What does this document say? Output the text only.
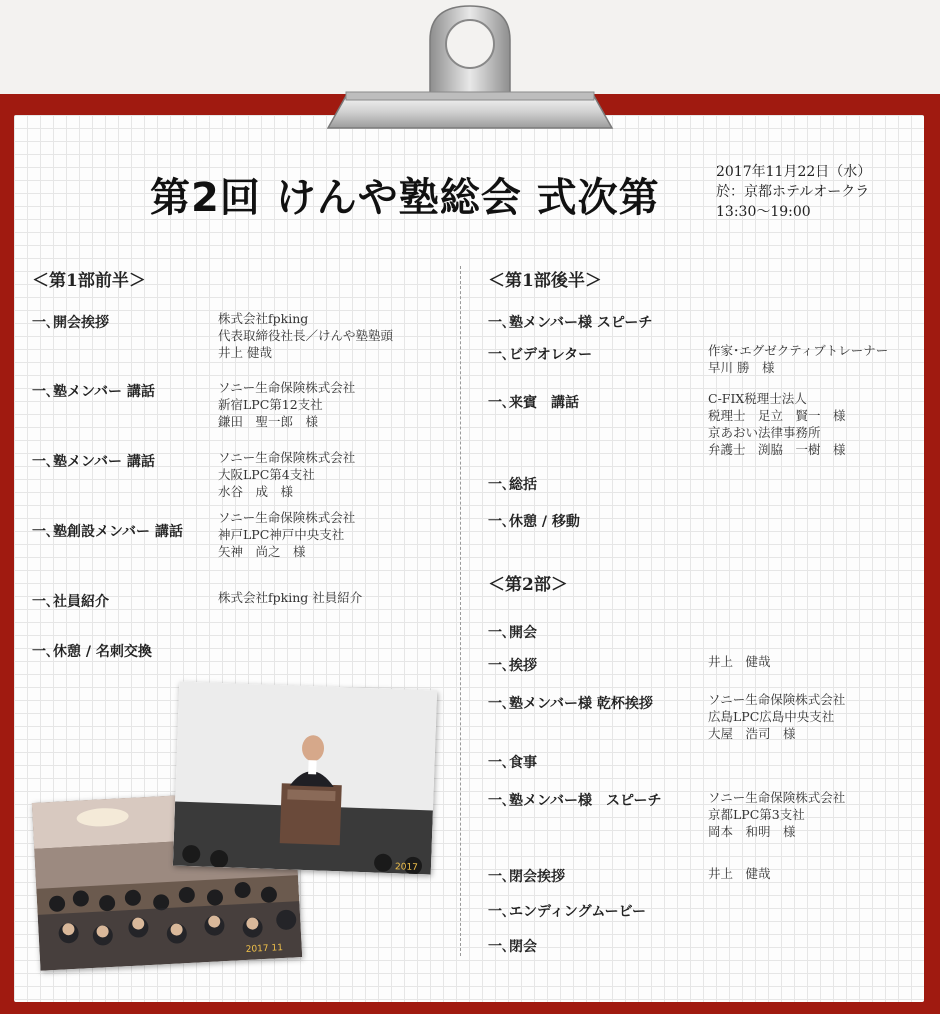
第2回 けんや塾総会 式次第
2017年11月22日（水）
於：京都ホテルオークラ
13:30〜19:00
＜第1部前半＞
一､開会挨拶	株式会社fpking
代表取締役社長／けんや塾塾頭
井上 健哉
一､塾メンバー 講話	ソニー生命保険株式会社
新宿LPC第12支社
鎌田　聖一郎　様
一､塾メンバー 講話	ソニー生命保険株式会社
大阪LPC第4支社
水谷　成　様
一､塾創設メンバー 講話
ソニー生命保険株式会社
神戸LPC神戸中央支社
矢神　尚之　様
一､社員紹介	株式会社fpking 社員紹介
一､休憩 / 名刺交換
2017 11
2017
＜第1部後半＞
一､塾メンバー様 スピーチ
一､ビデオレター	作家･エグゼクティブトレーナー
早川 勝　様
一､来賓　講話	C-FIX税理士法人
税理士　足立　賢一　様
京あおい法律事務所
弁護士　渕脇　一樹　様
一､総括
一､休憩 / 移動
＜第2部＞
一､開会
一､挨拶	井上　健哉
一､塾メンバー様 乾杯挨拶	ソニー生命保険株式会社
広島LPC広島中央支社
大屋　浩司　様
一､食事
一､塾メンバー様　スピーチ	ソニー生命保険株式会社
京都LPC第3支社
岡本　和明　様
一､閉会挨拶	井上　健哉
一､エンディングムービー
一､閉会
